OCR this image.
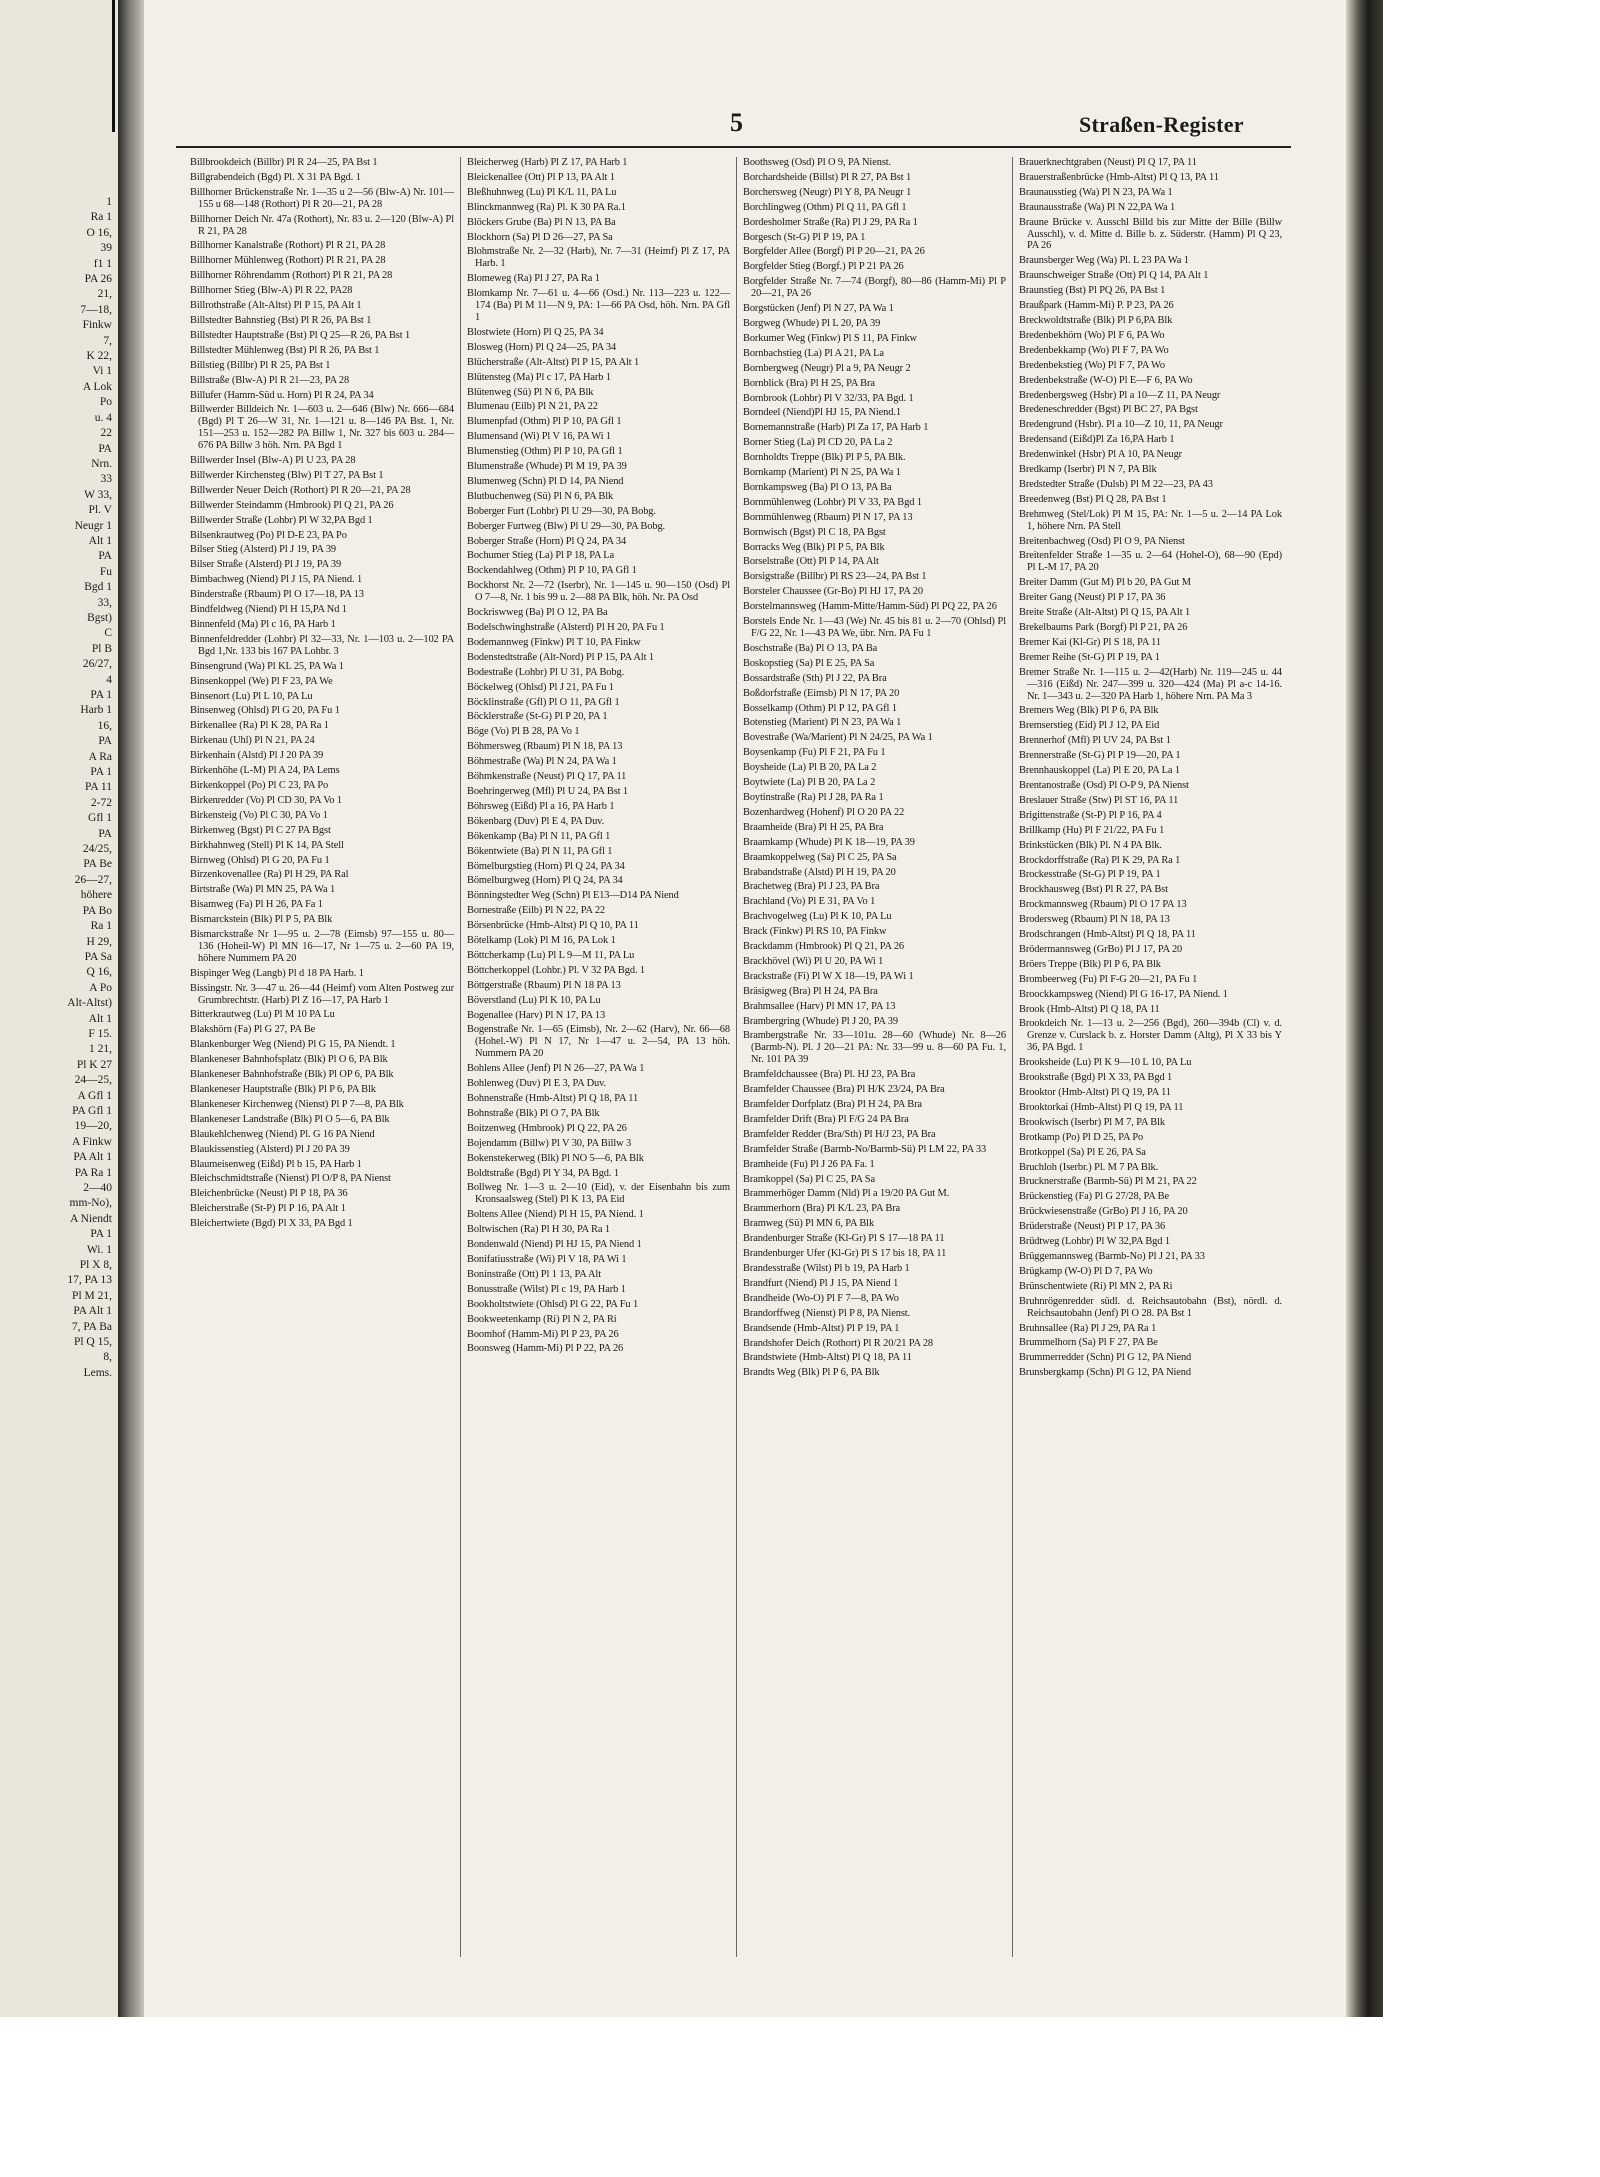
1
Ra 1
O 16,
39
f1 1
PA 26
21,
7—18,
Finkw
7,
K 22,
Vi 1
A Lok
Po
u. 4
22
PA
Nrn.
33
W 33,
Pl. V
Neugr 1
Alt 1
PA
Fu
Bgd 1
33,
Bgst)
C
Pl B
26/27,
4
PA 1
Harb 1
16,
PA
A Ra
PA 1
PA 11
2-72
Gfl 1
PA
24/25,
PA Be
26—27,
höhere
PA Bo
Ra 1
H 29,
PA Sa
Q 16,
A Po
Alt-Altst)
Alt 1
F 15.
1 21,
Pl K 27
24—25,
A Gfl 1
PA Gfl 1
19—20,
A Finkw
PA Alt 1
PA Ra 1
2—40
mm-No),
A Niendt
PA 1
Wi. 1
Pl X 8,
17, PA 13
Pl M 21,
PA Alt 1
7, PA Ba
Pl Q 15,
8,
Lems.
5	Straßen-Register
Billbrookdeich (Billbr) Pl R 24—25, PA Bst 1
Billgrabendeich (Bgd) Pl. X 31 PA Bgd. 1
Billhorner Brückenstraße Nr. 1—35 u 2—56 (Blw-A) Nr. 101—155 u 68—148 (Rothort) Pl R 20—21, PA 28
Billhorner Deich Nr. 47a (Rothort), Nr. 83 u. 2—120 (Blw-A) Pl R 21, PA 28
Billhorner Kanalstraße (Rothort) Pl R 21, PA 28
Billhorner Mühlenweg (Rothort) Pl R 21, PA 28
Billhorner Röhrendamm (Rothort) Pl R 21, PA 28
Billhorner Stieg (Blw-A) Pl R 22, PA28
Billrothstraße (Alt-Altst) Pl P 15, PA Alt 1
Billstedter Bahnstieg (Bst) Pl R 26, PA Bst 1
Billstedter Hauptstraße (Bst) Pl Q 25—R 26, PA Bst 1
Billstedter Mühlenweg (Bst) Pl R 26, PA Bst 1
Billstieg (Billbr) Pl R 25, PA Bst 1
Billstraße (Blw-A) Pl R 21—23, PA 28
Billufer (Hamm-Süd u. Horn) Pl R 24, PA 34
Billwerder Billdeich Nr. 1—603 u. 2—646 (Blw) Nr. 666—684 (Bgd) Pl T 26—W 31, Nr. 1—121 u. 8—146 PA Bst. 1, Nr. 151—253 u. 152—282 PA Billw 1, Nr. 327 bis 603 u. 284—676 PA Billw 3 höh. Nrn. PA Bgd 1
Billwerder Insel (Blw-A) Pl U 23, PA 28
Billwerder Kirchensteg (Blw) Pl T 27, PA Bst 1
Billwerder Neuer Deich (Rothort) Pl R 20—21, PA 28
Billwerder Steindamm (Hmbrook) Pl Q 21, PA 26
Billwerder Straße (Lohbr) Pl W 32,PA Bgd 1
Bilsenkrautweg (Po) Pl D-E 23, PA Po
Bilser Stieg (Alsterd) Pl J 19, PA 39
Bilser Straße (Alsterd) Pl J 19, PA 39
Bimbachweg (Niend) Pl J 15, PA Niend. 1
Binderstraße (Rbaum) Pl O 17—18, PA 13
Bindfeldweg (Niend) Pl H 15,PA Nd 1
Binnenfeld (Ma) Pl c 16, PA Harb 1
Binnenfeldredder (Lohbr) Pl 32—33, Nr. 1—103 u. 2—102 PA Bgd 1,Nr. 133 bis 167 PA Lohbr. 3
Binsengrund (Wa) Pl KL 25, PA Wa 1
Binsenkoppel (We) Pl F 23, PA We
Binsenort (Lu) Pl L 10, PA Lu
Binsenweg (Ohlsd) Pl G 20, PA Fu 1
Birkenallee (Ra) Pl K 28, PA Ra 1
Birkenau (Uhl) Pl N 21, PA 24
Birkenhain (Alstd) Pl J 20 PA 39
Birkenhöhe (L-M) Pl A 24, PA Lems
Birkenkoppel (Po) Pl C 23, PA Po
Birkenredder (Vo) Pl CD 30, PA Vo 1
Birkensteig (Vo) Pl C 30, PA Vo 1
Birkenweg (Bgst) Pl C 27 PA Bgst
Birkhahnweg (Stell) Pl K 14, PA Stell
Birnweg (Ohlsd) Pl G 20, PA Fu 1
Birzenkovenallee (Ra) Pl H 29, PA Ral
Birtstraße (Wa) Pl MN 25, PA Wa 1
Bisamweg (Fa) Pl H 26, PA Fa 1
Bismarckstein (Blk) Pl P 5, PA Blk
Bismarckstraße Nr 1—95 u. 2—78 (Eimsb) 97—155 u. 80—136 (Hoheil-W) Pl MN 16—17, Nr 1—75 u. 2—60 PA 19, höhere Nummern PA 20
Bispinger Weg (Langb) Pl d 18 PA Harb. 1
Bissingstr. Nr. 3—47 u. 26—44 (Heimf) vom Alten Postweg zur Grumbrechtstr. (Harb) Pl Z 16—17, PA Harb 1
Bitterkrautweg (Lu) Pl M 10 PA Lu
Blakshörn (Fa) Pl G 27, PA Be
Blankenburger Weg (Niend) Pl G 15, PA Niendt. 1
Blankeneser Bahnhofsplatz (Blk) Pl O 6, PA Blk
Blankeneser Bahnhofstraße (Blk) Pl OP 6, PA Blk
Blankeneser Hauptstraße (Blk) Pl P 6, PA Blk
Blankeneser Kirchenweg (Nienst) Pl P 7—8, PA Blk
Blankeneser Landstraße (Blk) Pl O 5—6, PA Blk
Blaukehlchenweg (Niend) Pl. G 16 PA Niend
Blaukissenstieg (Alsterd) Pl J 20 PA 39
Blaumeisenweg (Eißd) Pl b 15, PA Harb 1
Bleichschmidtstraße (Nienst) Pl O/P 8, PA Nienst
Bleichenbrücke (Neust) Pl P 18, PA 36
Bleicherstraße (St-P) Pl P 16, PA Alt 1
Bleichertwiete (Bgd) Pl X 33, PA Bgd 1
Bleicherweg (Harb) Pl Z 17, PA Harb 1
Bleickenallee (Ott) Pl P 13, PA Alt 1
Bleßhuhnweg (Lu) Pl K/L 11, PA Lu
Blinckmannweg (Ra) Pl. K 30 PA Ra.1
Blöckers Grube (Ba) Pl N 13, PA Ba
Blockhorn (Sa) Pl D 26—27, PA Sa
Blohmstraße Nr. 2—32 (Harb), Nr. 7—31 (Heimf) Pl Z 17, PA Harb. 1
Blomeweg (Ra) Pl J 27, PA Ra 1
Blomkamp Nr. 7—61 u. 4—66 (Osd.) Nr. 113—223 u. 122—174 (Ba) Pl M 11—N 9, PA: 1—66 PA Osd, höh. Nrn. PA Gfl 1
Blostwiete (Horn) Pl Q 25, PA 34
Blosweg (Horn) Pl Q 24—25, PA 34
Blücherstraße (Alt-Altst) Pl P 15, PA Alt 1
Blütensteg (Ma) Pl c 17, PA Harb 1
Blütenweg (Sü) Pl N 6, PA Blk
Blumenau (Eilb) Pl N 21, PA 22
Blumenpfad (Othm) Pl P 10, PA Gfl 1
Blumensand (Wi) Pl V 16, PA Wi 1
Blumenstieg (Othm) Pl P 10, PA Gfl 1
Blumenstraße (Whude) Pl M 19, PA 39
Blumenweg (Schn) Pl D 14, PA Niend
Blutbuchenweg (Sü) Pl N 6, PA Blk
Boberger Furt (Lohbr) Pl U 29—30, PA Bobg.
Boberger Furtweg (Blw) Pl U 29—30, PA Bobg.
Boberger Straße (Horn) Pl Q 24, PA 34
Bochumer Stieg (La) Pl P 18, PA La
Bockendahlweg (Othm) Pl P 10, PA Gfl 1
Bockhorst Nr. 2—72 (Iserbr), Nr. 1—145 u. 90—150 (Osd) Pl O 7—8, Nr. 1 bis 99 u. 2—88 PA Blk, höh. Nr. PA Osd
Bockriswweg (Ba) Pl O 12, PA Ba
Bodelschwinghstraße (Alsterd) Pl H 20, PA Fu 1
Bodemannweg (Finkw) Pl T 10, PA Finkw
Bodenstedtstraße (Alt-Nord) Pl P 15, PA Alt 1
Bodestraße (Lohbr) Pl U 31, PA Bobg.
Böckelweg (Ohlsd) Pl J 21, PA Fu 1
Böcklinstraße (Gfl) Pl O 11, PA Gfl 1
Böcklerstraße (St-G) Pl P 20, PA 1
Böge (Vo) Pl B 28, PA Vo 1
Böhmersweg (Rbaum) Pl N 18, PA 13
Böhmestraße (Wa) Pl N 24, PA Wa 1
Böhmkenstraße (Neust) Pl Q 17, PA 11
Boehringerweg (Mfl) Pl U 24, PA Bst 1
Böhrsweg (Eißd) Pl a 16, PA Harb 1
Bökenbarg (Duv) Pl E 4, PA Duv.
Bökenkamp (Ba) Pl N 11, PA Gfl 1
Bökentwiete (Ba) Pl N 11, PA Gfl 1
Bömelburgstieg (Horn) Pl Q 24, PA 34
Bömelburgweg (Horn) Pl Q 24, PA 34
Bönningstedter Weg (Schn) Pl E13—D14 PA Niend
Bornestraße (Eilb) Pl N 22, PA 22
Börsenbrücke (Hmb-Altst) Pl Q 10, PA 11
Bötelkamp (Lok) Pl M 16, PA Lok 1
Böttcherkamp (Lu) Pl L 9—M 11, PA Lu
Böttcherkoppel (Lohbr.) Pl. V 32 PA Bgd. 1
Böttgerstraße (Rbaum) Pl N 18 PA 13
Böverstland (Lu) Pl K 10, PA Lu
Bogenallee (Harv) Pl N 17, PA 13
Bogenstraße Nr. 1—65 (Eimsb), Nr. 2—62 (Harv), Nr. 66—68 (Hohel.-W) Pl N 17, Nr 1—47 u. 2—54, PA 13 höh. Nummern PA 20
Bohlens Allee (Jenf) Pl N 26—27, PA Wa 1
Bohlenweg (Duv) Pl E 3, PA Duv.
Bohnenstraße (Hmb-Altst) Pl Q 18, PA 11
Bohnstraße (Blk) Pl O 7, PA Blk
Boitzenweg (Hmbrook) Pl Q 22, PA 26
Bojendamm (Billw) Pl V 30, PA Billw 3
Bokenstekerweg (Blk) Pl NO 5—6, PA Blk
Boldtstraße (Bgd) Pl Y 34, PA Bgd. 1
Bollweg Nr. 1—3 u. 2—10 (Eid), v. der Eisenbahn bis zum Kronsaalsweg (Stel) Pl K 13, PA Eid
Boltens Allee (Niend) Pl H 15, PA Niend. 1
Boltwischen (Ra) Pl H 30, PA Ra 1
Bondenwald (Niend) Pl HJ 15, PA Niend 1
Bonifatiusstraße (Wi) Pl V 18, PA Wi 1
Boninstraße (Ott) Pl 1 13, PA Alt
Bonusstraße (Wilst) Pl c 19, PA Harb 1
Bookholtstwiete (Ohlsd) Pl G 22, PA Fu 1
Bookweetenkamp (Ri) Pl N 2, PA Ri
Boomhof (Hamm-Mi) Pl P 23, PA 26
Boonsweg (Hamm-Mi) Pl P 22, PA 26
Boothsweg (Osd) Pl O 9, PA Nienst.
Borchardsheide (Billst) Pl R 27, PA Bst 1
Borchersweg (Neugr) Pl Y 8, PA Neugr 1
Borchlingweg (Othm) Pl Q 11, PA Gfl 1
Bordesholmer Straße (Ra) Pl J 29, PA Ra 1
Borgesch (St-G) Pl P 19, PA 1
Borgfelder Allee (Borgf) Pl P 20—21, PA 26
Borgfelder Stieg (Borgf.) Pl P 21 PA 26
Borgfelder Straße Nr. 7—74 (Borgf), 80—86 (Hamm-Mi) Pl P 20—21, PA 26
Borgstücken (Jenf) Pl N 27, PA Wa 1
Borgweg (Whude) Pl L 20, PA 39
Borkumer Weg (Finkw) Pl S 11, PA Finkw
Bornbachstieg (La) Pl A 21, PA La
Bornbergweg (Neugr) Pl a 9, PA Neugr 2
Bornblick (Bra) Pl H 25, PA Bra
Bornbrook (Lohbr) Pl V 32/33, PA Bgd. 1
Borndeel (Niend)Pl HJ 15, PA Niend.1
Bornemannstraße (Harb) Pl Za 17, PA Harb 1
Borner Stieg (La) Pl CD 20, PA La 2
Bornholdts Treppe (Blk) Pl P 5, PA Blk.
Bornkamp (Marient) Pl N 25, PA Wa 1
Bornkampsweg (Ba) Pl O 13, PA Ba
Bornmühlenweg (Lohbr) Pl V 33, PA Bgd 1
Bornmühlenweg (Rbaum) Pl N 17, PA 13
Bornwisch (Bgst) Pl C 18, PA Bgst
Borracks Weg (Blk) Pl P 5, PA Blk
Borselstraße (Ott) Pl P 14, PA Alt
Borsigstraße (Billbr) Pl RS 23—24, PA Bst 1
Borsteler Chaussee (Gr-Bo) Pl HJ 17, PA 20
Borstelmannsweg (Hamm-Mitte/Hamm-Süd) Pl PQ 22, PA 26
Borstels Ende Nr. 1—43 (We) Nr. 45 bis 81 u. 2—70 (Ohlsd) Pl F/G 22, Nr. 1—43 PA We, übr. Nrn. PA Fu 1
Boschstraße (Ba) Pl O 13, PA Ba
Boskopstieg (Sa) Pl E 25, PA Sa
Bossardstraße (Sth) Pl J 22, PA Bra
Boßdorfstraße (Eimsb) Pl N 17, PA 20
Bosselkamp (Othm) Pl P 12, PA Gfl 1
Botenstieg (Marient) Pl N 23, PA Wa 1
Bovestraße (Wa/Marient) Pl N 24/25, PA Wa 1
Boysenkamp (Fu) Pl F 21, PA Fu 1
Boysheide (La) Pl B 20, PA La 2
Boytwiete (La) Pl B 20, PA La 2
Boytinstraße (Ra) Pl J 28, PA Ra 1
Bozenhardweg (Hohenf) Pl O 20 PA 22
Braamheide (Bra) Pl H 25, PA Bra
Braamkamp (Whude) Pl K 18—19, PA 39
Braamkoppelweg (Sa) Pl C 25, PA Sa
Brabandstraße (Alstd) Pl H 19, PA 20
Brachetweg (Bra) Pl J 23, PA Bra
Brachland (Vo) Pl E 31, PA Vo 1
Brachvogelweg (Lu) Pl K 10, PA Lu
Brack (Finkw) Pl RS 10, PA Finkw
Brackdamm (Hmbrook) Pl Q 21, PA 26
Brackhövel (Wi) Pl U 20, PA Wi 1
Brackstraße (Fi) Pl W X 18—19, PA Wi 1
Bräsigweg (Bra) Pl H 24, PA Bra
Brahmsallee (Harv) Pl MN 17, PA 13
Brambergring (Whude) Pl J 20, PA 39
Brambergstraße Nr. 33—101u. 28—60 (Whude) Nr. 8—26 (Barmb-N). Pl. J 20—21 PA: Nr. 33—99 u. 8—60 PA Fu. 1, Nr. 101 PA 39
Bramfeldchaussee (Bra) Pl. HJ 23, PA Bra
Bramfelder Chaussee (Bra) Pl H/K 23/24, PA Bra
Bramfelder Dorfplatz (Bra) Pl H 24, PA Bra
Bramfelder Drift (Bra) Pl F/G 24 PA Bra
Bramfelder Redder (Bra/Sth) Pl H/J 23, PA Bra
Bramfelder Straße (Barmb-No/Barmb-Sü) Pl LM 22, PA 33
Bramheide (Fu) Pl J 26 PA Fa. 1
Bramkoppel (Sa) Pl C 25, PA Sa
Brammerhöger Damm (Nld) Pl a 19/20 PA Gut M.
Brammerhorn (Bra) Pl K/L 23, PA Bra
Bramweg (Sü) Pl MN 6, PA Blk
Brandenburger Straße (Kl-Gr) Pl S 17—18 PA 11
Brandenburger Ufer (Kl-Gr) Pl S 17 bis 18, PA 11
Brandesstraße (Wilst) Pl b 19, PA Harb 1
Brandfurt (Niend) Pl J 15, PA Niend 1
Brandheide (Wo-O) Pl F 7—8, PA Wo
Brandorffweg (Nienst) Pl P 8, PA Nienst.
Brandsende (Hmb-Altst) Pl P 19, PA 1
Brandshofer Deich (Rothort) Pl R 20/21 PA 28
Brandstwiete (Hmb-Altst) Pl Q 18, PA 11
Brandts Weg (Blk) Pl P 6, PA Blk
Brauerknechtgraben (Neust) Pl Q 17, PA 11
Brauerstraßenbrücke (Hmb-Altst) Pl Q 13, PA 11
Braunausstieg (Wa) Pl N 23, PA Wa 1
Braunausstraße (Wa) Pl N 22,PA Wa 1
Braune Brücke v. Ausschl Billd bis zur Mitte der Bille (Billw Ausschl), v. d. Mitte d. Bille b. z. Süderstr. (Hamm) Pl Q 23, PA 26
Braunsberger Weg (Wa) Pl. L 23 PA Wa 1
Braunschweiger Straße (Ott) Pl Q 14, PA Alt 1
Braunstieg (Bst) Pl PQ 26, PA Bst 1
Braußpark (Hamm-Mi) P. P 23, PA 26
Breckwoldtstraße (Blk) Pl P 6,PA Blk
Bredenbekhörn (Wo) Pl F 6, PA Wo
Bredenbekkamp (Wo) Pl F 7, PA Wo
Bredenbekstieg (Wo) Pl F 7, PA Wo
Bredenbekstraße (W-O) Pl E—F 6, PA Wo
Bredenbergsweg (Hsbr) Pl a 10—Z 11, PA Neugr
Bredeneschredder (Bgst) Pl BC 27, PA Bgst
Bredengrund (Hsbr). Pl a 10—Z 10, 11, PA Neugr
Bredensand (Eißd)Pl Za 16,PA Harb 1
Bredenwinkel (Hsbr) Pl A 10, PA Neugr
Bredkamp (Iserbr) Pl N 7, PA Blk
Bredstedter Straße (Dulsb) Pl M 22—23, PA 43
Breedenweg (Bst) Pl Q 28, PA Bst 1
Brehmweg (Stel/Lok) Pl M 15, PA: Nr. 1—5 u. 2—14 PA Lok 1, höhere Nrn. PA Stell
Breitenbachweg (Osd) Pl O 9, PA Nienst
Breitenfelder Straße 1—35 u. 2—64 (Hohel-O), 68—90 (Epd) Pl L-M 17, PA 20
Breiter Damm (Gut M) Pl b 20, PA Gut M
Breiter Gang (Neust) Pl P 17, PA 36
Breite Straße (Alt-Altst) Pl Q 15, PA Alt 1
Brekelbaums Park (Borgf) Pl P 21, PA 26
Bremer Kai (Kl-Gr) Pl S 18, PA 11
Bremer Reihe (St-G) Pl P 19, PA 1
Bremer Straße Nr. 1—115 u. 2—42(Harb) Nr. 119—245 u. 44—316 (Eißd) Nr. 247—399 u. 320—424 (Ma) Pl a-c 14-16. Nr. 1—343 u. 2—320 PA Harb 1, höhere Nrn. PA Ma 3
Bremers Weg (Blk) Pl P 6, PA Blk
Bremserstieg (Eid) Pl J 12, PA Eid
Brennerhof (Mfl) Pl UV 24, PA Bst 1
Brennerstraße (St-G) Pl P 19—20, PA 1
Brennhauskoppel (La) Pl E 20, PA La 1
Brentanostraße (Osd) Pl O-P 9, PA Nienst
Breslauer Straße (Stw) Pl ST 16, PA 11
Brigittenstraße (St-P) Pl P 16, PA 4
Brillkamp (Hu) Pl F 21/22, PA Fu 1
Brinkstücken (Blk) Pl. N 4 PA Blk.
Brockdorffstraße (Ra) Pl K 29, PA Ra 1
Brockesstraße (St-G) Pl P 19, PA 1
Brockhausweg (Bst) Pl R 27, PA Bst
Brockmannsweg (Rbaum) Pl O 17 PA 13
Brodersweg (Rbaum) Pl N 18, PA 13
Brodschrangen (Hmb-Altst) Pl Q 18, PA 11
Brödermannsweg (GrBo) Pl J 17, PA 20
Bröers Treppe (Blk) Pl P 6, PA Blk
Brombeerweg (Fu) Pl F-G 20—21, PA Fu 1
Broockkampsweg (Niend) Pl G 16-17, PA Niend. 1
Brook (Hmb-Altst) Pl Q 18, PA 11
Brookdeich Nr. 1—13 u. 2—256 (Bgd), 260—394b (Cl) v. d. Grenze v. Curslack b. z. Horster Damm (Altg), Pl X 33 bis Y 36, PA Bgd. 1
Brooksheide (Lu) Pl K 9—10 L 10, PA Lu
Brookstraße (Bgd) Pl X 33, PA Bgd 1
Brooktor (Hmb-Altst) Pl Q 19, PA 11
Brooktorkai (Hmb-Altst) Pl Q 19, PA 11
Brookwisch (Iserbr) Pl M 7, PA Blk
Brotkamp (Po) Pl D 25, PA Po
Brotkoppel (Sa) Pl E 26, PA Sa
Bruchloh (Iserbr.) Pl. M 7 PA Blk.
Brucknerstraße (Barmb-Sü) Pl M 21, PA 22
Brückenstieg (Fa) Pl G 27/28, PA Be
Brückwiesenstraße (GrBo) Pl J 16, PA 20
Brüderstraße (Neust) Pl P 17, PA 36
Brüdtweg (Lohbr) Pl W 32,PA Bgd 1
Brüggemannsweg (Barmb-No) Pl J 21, PA 33
Brügkamp (W-O) Pl D 7, PA Wo
Brünschentwiete (Ri) Pl MN 2, PA Ri
Bruhnrögenredder südl. d. Reichsautobahn (Bst), nördl. d. Reichsautobahn (Jenf) Pl O 28. PA Bst 1
Bruhnsallee (Ra) Pl J 29, PA Ra 1
Brummelhorn (Sa) Pl F 27, PA Be
Brummerredder (Schn) Pl G 12, PA Niend
Brunsbergkamp (Schn) Pl G 12, PA Niend
